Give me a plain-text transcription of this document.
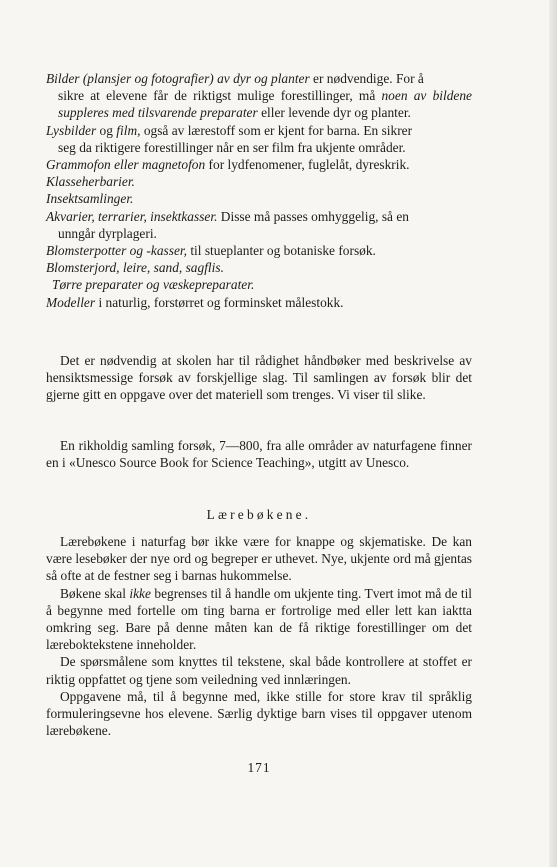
Bilder (plansjer og fotografier) av dyr og planter er nødvendige. For å
sikre at elevene får de riktigst mulige forestillinger, må noen av bildene suppleres med tilsvarende preparater eller levende dyr og planter.
Lysbilder og film, også av lærestoff som er kjent for barna. En sikrer
seg da riktigere forestillinger når en ser film fra ukjente områder.
Grammofon eller magnetofon for lydfenomener, fuglelåt, dyreskrik.
Klasseherbarier.
Insektsamlinger.
Akvarier, terrarier, insektkasser. Disse må passes omhyggelig, så en
unngår dyrplageri.
Blomsterpotter og -kasser, til stueplanter og botaniske forsøk.
Blomsterjord, leire, sand, sagflis.
Tørre preparater og væskepreparater.
Modeller i naturlig, forstørret og forminsket målestokk.

Det er nødvendig at skolen har til rådighet håndbøker med beskrivelse av hensiktsmessige forsøk av forskjellige slag. Til samlingen av forsøk blir det gjerne gitt en oppgave over det materiell som trenges. Vi viser til slike.

En rikholdig samling forsøk, 7—800, fra alle områder av naturfagene finner en i «Unesco Source Book for Science Teaching», utgitt av Unesco.

Lærebøkene.

Lærebøkene i naturfag bør ikke være for knappe og skjematiske. De kan være lesebøker der nye ord og begreper er uthevet. Nye, ukjente ord må gjentas så ofte at de festner seg i barnas hukommelse.

Bøkene skal ikke begrenses til å handle om ukjente ting. Tvert imot må de til å begynne med fortelle om ting barna er fortrolige med eller lett kan iaktta omkring seg. Bare på denne måten kan de få riktige forestillinger om det læreboktekstene inneholder.

De spørsmålene som knyttes til tekstene, skal både kontrollere at stoffet er riktig oppfattet og tjene som veiledning ved innlæringen.

Oppgavene må, til å begynne med, ikke stille for store krav til språklig formuleringsevne hos elevene. Særlig dyktige barn vises til oppgaver utenom lærebøkene.

171
